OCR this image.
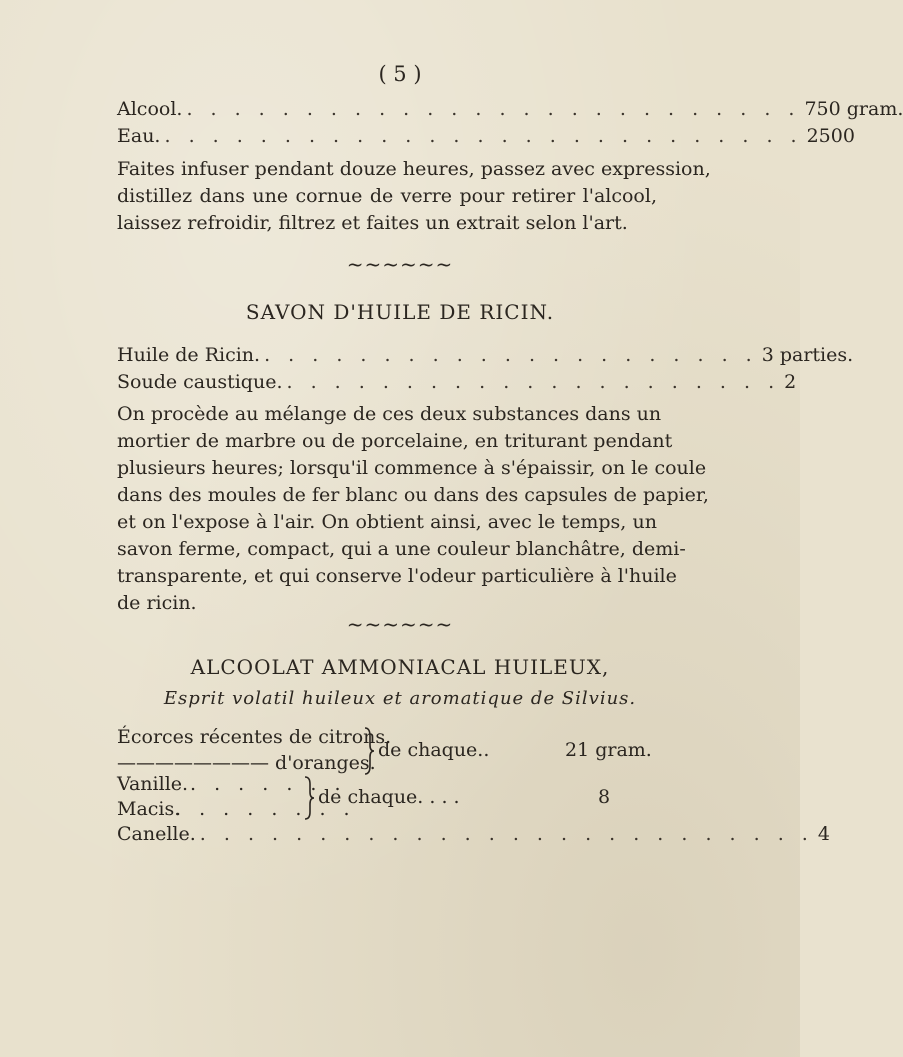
( 5 )
Alcool. . . . . . . . . . . . . . . . . . . . . . . . . . . 750 gram.
Eau. . . . . . . . . . . . . . . . . . . . . . . . . . . . 2500
Faites infuser pendant douze heures, passez avec expression,
distillez dans une cornue de verre pour retirer l'alcool,
laissez refroidir, filtrez et faites un extrait selon l'art.
~~~~~~
SAVON D'HUILE DE RICIN.
Huile de Ricin. . . . . . . . . . . . . . . . . . . . . . 3 parties.
Soude caustique. . . . . . . . . . . . . . . . . . . . . . 2
On procède au mélange de ces deux substances dans un
mortier de marbre ou de porcelaine, en triturant pendant
plusieurs heures; lorsqu'il commence à s'épaissir, on le coule
dans des moules de fer blanc ou dans des capsules de papier,
et on l'expose à l'air. On obtient ainsi, avec le temps, un
savon ferme, compact, qui a une couleur blanchâtre, demi-
transparente, et qui conserve l'odeur particulière à l'huile
de ricin.
~~~~~~
ALCOOLAT AMMONIACAL HUILEUX,
Esprit volatil huileux et aromatique de Silvius.
Écorces récentes de citrons.
———————— d'oranges.
de chaque..	21 gram.
Vanille.
Macis.
. . . . . . .
. . . . . . . .
de chaque. . . .	8
Canelle. . . . . . . . . . . . . . . . . . . . . . . . . . . 4
